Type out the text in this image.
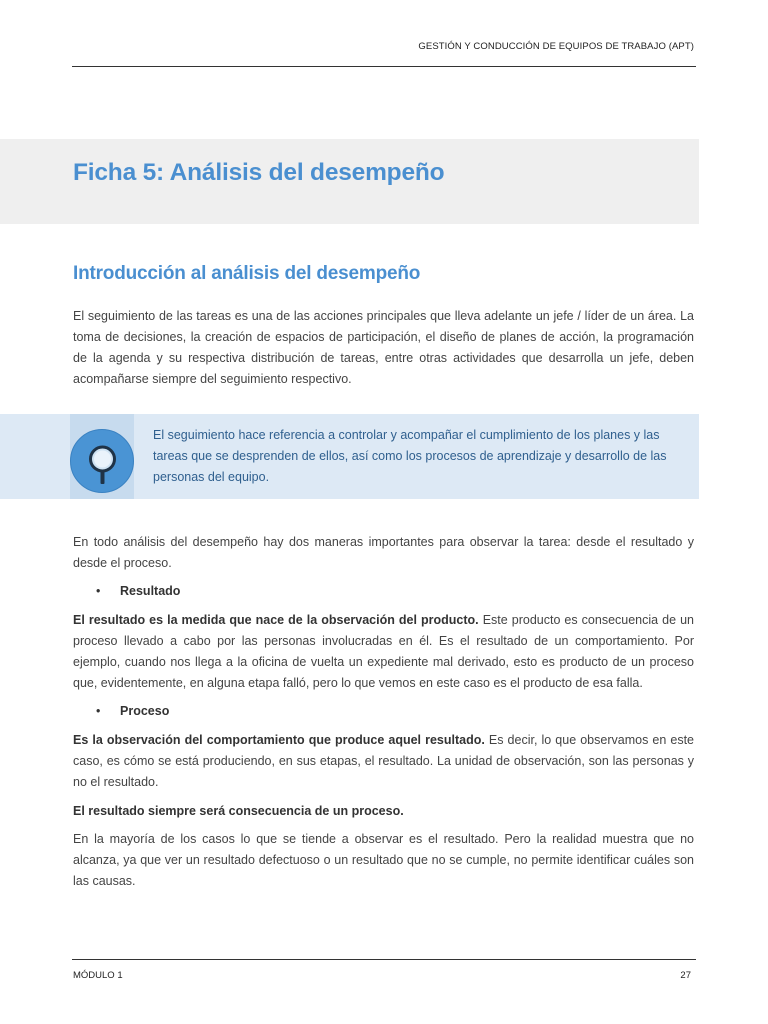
GESTIÓN Y CONDUCCIÓN DE EQUIPOS DE TRABAJO (APT)
Ficha 5: Análisis del desempeño
Introducción al análisis del desempeño

El seguimiento de las tareas es una de las acciones principales que lleva adelante un jefe / líder de un área. La toma de decisiones, la creación de espacios de participación, el diseño de planes de acción, la programación de la agenda y su respectiva distribución de tareas, entre otras actividades que desarrolla un jefe, deben acompañarse siempre del seguimiento respectivo.

El seguimiento hace referencia a controlar y acompañar el cumplimiento de los planes y las tareas que se desprenden de ellos, así como los procesos de aprendizaje y desarrollo de las personas del equipo.

En todo análisis del desempeño hay dos maneras importantes para observar la tarea: desde el resultado y desde el proceso.

• Resultado

El resultado es la medida que nace de la observación del producto. Este producto es consecuencia de un proceso llevado a cabo por las personas involucradas en él. Es el resultado de un comportamiento. Por ejemplo, cuando nos llega a la oficina de vuelta un expediente mal derivado, esto es producto de un proceso que, evidentemente, en alguna etapa falló, pero lo que vemos en este caso es el producto de esa falla.

• Proceso

Es la observación del comportamiento que produce aquel resultado. Es decir, lo que observamos en este caso, es cómo se está produciendo, en sus etapas, el resultado. La unidad de observación, son las personas y no el resultado.

El resultado siempre será consecuencia de un proceso.

En la mayoría de los casos lo que se tiende a observar es el resultado. Pero la realidad muestra que no alcanza, ya que ver un resultado defectuoso o un resultado que no se cumple, no permite identificar cuáles son las causas.

MÓDULO 1	27
